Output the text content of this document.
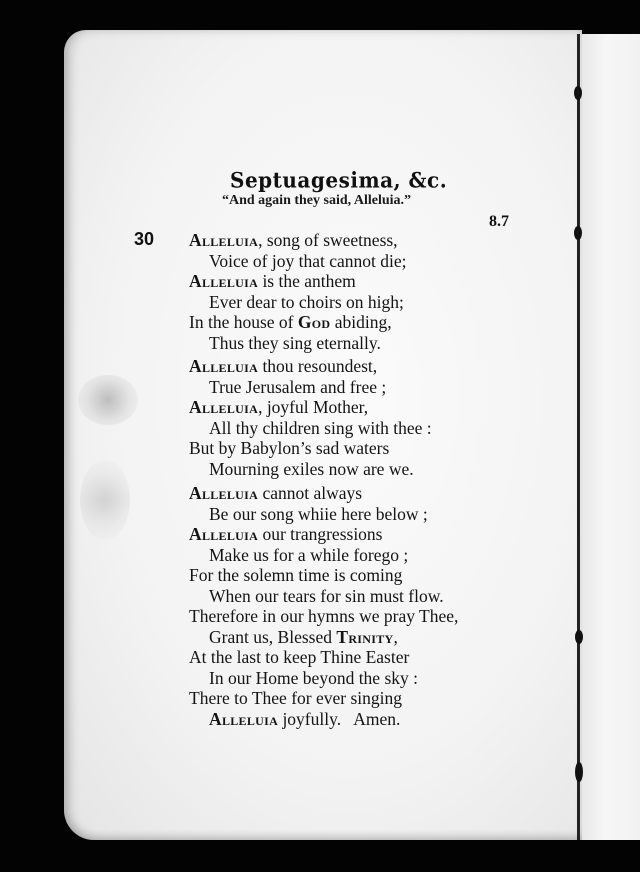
Septuagesima, &c.
“And again they said, Alleluia.”
8.7
30 Alleluia, song of sweetness,
Voice of joy that cannot die;
Alleluia is the anthem
Ever dear to choirs on high;
In the house of God abiding,
Thus they sing eternally.
Alleluia thou resoundest,
True Jerusalem and free ;
Alleluia, joyful Mother,
All thy children sing with thee :
But by Babylon’s sad waters
Mourning exiles now are we.
Alleluia cannot always
Be our song whiie here below ;
Alleluia our trangressions
Make us for a while forego ;
For the solemn time is coming
When our tears for sin must flow.
Therefore in our hymns we pray Thee,
Grant us, Blessed Trinity,
At the last to keep Thine Easter
In our Home beyond the sky :
There to Thee for ever singing
Alleluia joyfully.   Amen.
